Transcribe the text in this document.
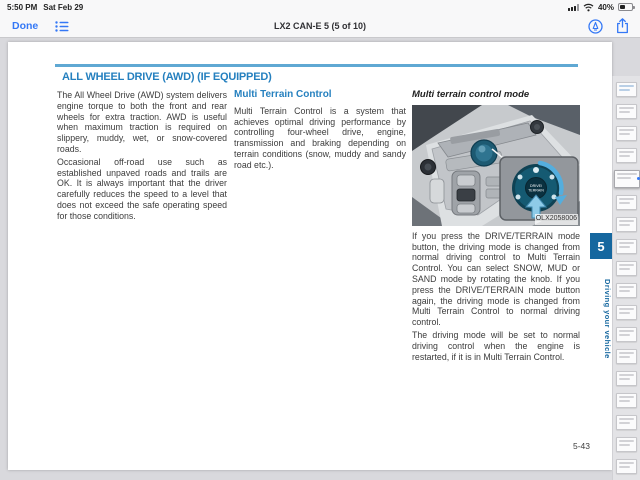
5:50 PM Sat Feb 29	40%
Done	LX2 CAN-E 5 (5 of 10)
ALL WHEEL DRIVE (AWD) (IF EQUIPPED)

The All Wheel Drive (AWD) system delivers engine torque to both the front and rear wheels for extra traction. AWD is useful when maximum traction is required on slippery, muddy, wet, or snow-covered roads.

Occasional off-road use such as established unpaved roads and trails are OK. It is always important that the driver carefully reduces the speed to a level that does not exceed the safe operating speed for those conditions.

Multi Terrain Control

Multi Terrain Control is a system that achieves optimal driving performance by controlling four-wheel drive, engine, transmission and braking depending on terrain conditions (snow, muddy and sandy road etc.).

Multi terrain control mode
DRIVE/
TERRAIN
OLX2058006

If you press the DRIVE/TERRAIN mode button, the driving mode is changed from normal driving control to Multi Terrain Control. You can select SNOW, MUD or SAND mode by rotating the knob. If you press the DRIVE/TERRAIN mode button again, the driving mode is changed from Multi Terrain Control to normal driving control.

The driving mode will be set to normal driving control when the engine is restarted, if it is in Multi Terrain Control.

5
Driving your vehicle
5-43
